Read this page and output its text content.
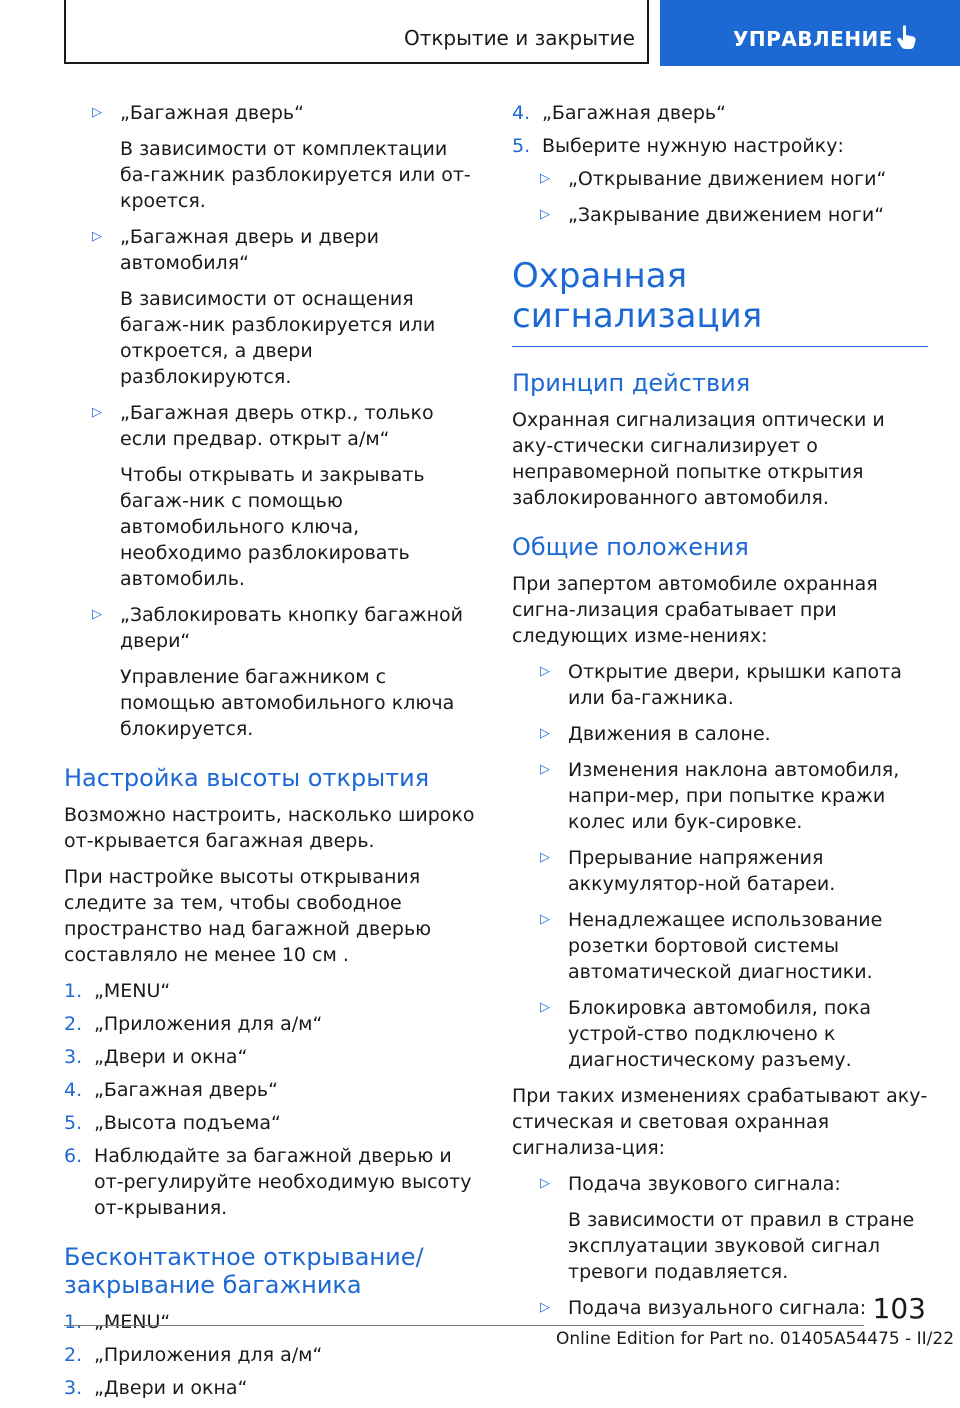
Открытие и закрытие	УПРАВЛЕНИЕ
▷ „Багажная дверь“

В зависимости от комплектации ба-гажник разблокируется или от-кроется.

▷ „Багажная дверь и двери автомобиля“

В зависимости от оснащения багаж-ник разблокируется или откроется, а двери разблокируются.

▷ „Багажная дверь откр., только если предвар. открыт а/м“

Чтобы открывать и закрывать багаж-ник с помощью автомобильного ключа, необходимо разблокировать автомобиль.

▷ „Заблокировать кнопку багажной двери“

Управление багажником с помощью автомобильного ключа блокируется.

Настройка высоты открытия

Возможно настроить, насколько широко от-крывается багажная дверь.

При настройке высоты открывания следите за тем, чтобы свободное пространство над багажной дверью составляло не менее 10 см .

1. „MENU“
2. „Приложения для а/м“
3. „Двери и окна“
4. „Багажная дверь“
5. „Высота подъема“
6. Наблюдайте за багажной дверью и от-регулируйте необходимую высоту от-крывания.
Бесконтактное открывание/ закрывание багажника
1. „MENU“
2. „Приложения для а/м“
3. „Двери и окна“
4. „Багажная дверь“
5. Выберите нужную настройку:
▷ „Открывание движением ноги“

▷ „Закрывание движением ноги“

Охранная сигнализация
Принцип действия

Охранная сигнализация оптически и аку-стически сигнализирует о неправомерной попытке открытия заблокированного автомобиля.

Общие положения

При запертом автомобиле охранная сигна-лизация срабатывает при следующих изме-нениях:

▷ Открытие двери, крышки капота или ба-гажника.

▷ Движения в салоне.

▷ Изменения наклона автомобиля, напри-мер, при попытке кражи колес или бук-сировке.

▷ Прерывание напряжения аккумулятор-ной батареи.

▷ Ненадлежащее использование розетки бортовой системы автоматической диагностики.

▷ Блокировка автомобиля, пока устрой-ство подключено к диагностическому разъему.

При таких изменениях срабатывают аку-стическая и световая охранная сигнализа-ция:

▷ Подача звукового сигнала:

В зависимости от правил в стране эксплуатации звуковой сигнал тревоги подавляется.

▷ Подача визуального сигнала: 103
Online Edition for Part no. 01405A54475 - II/22
